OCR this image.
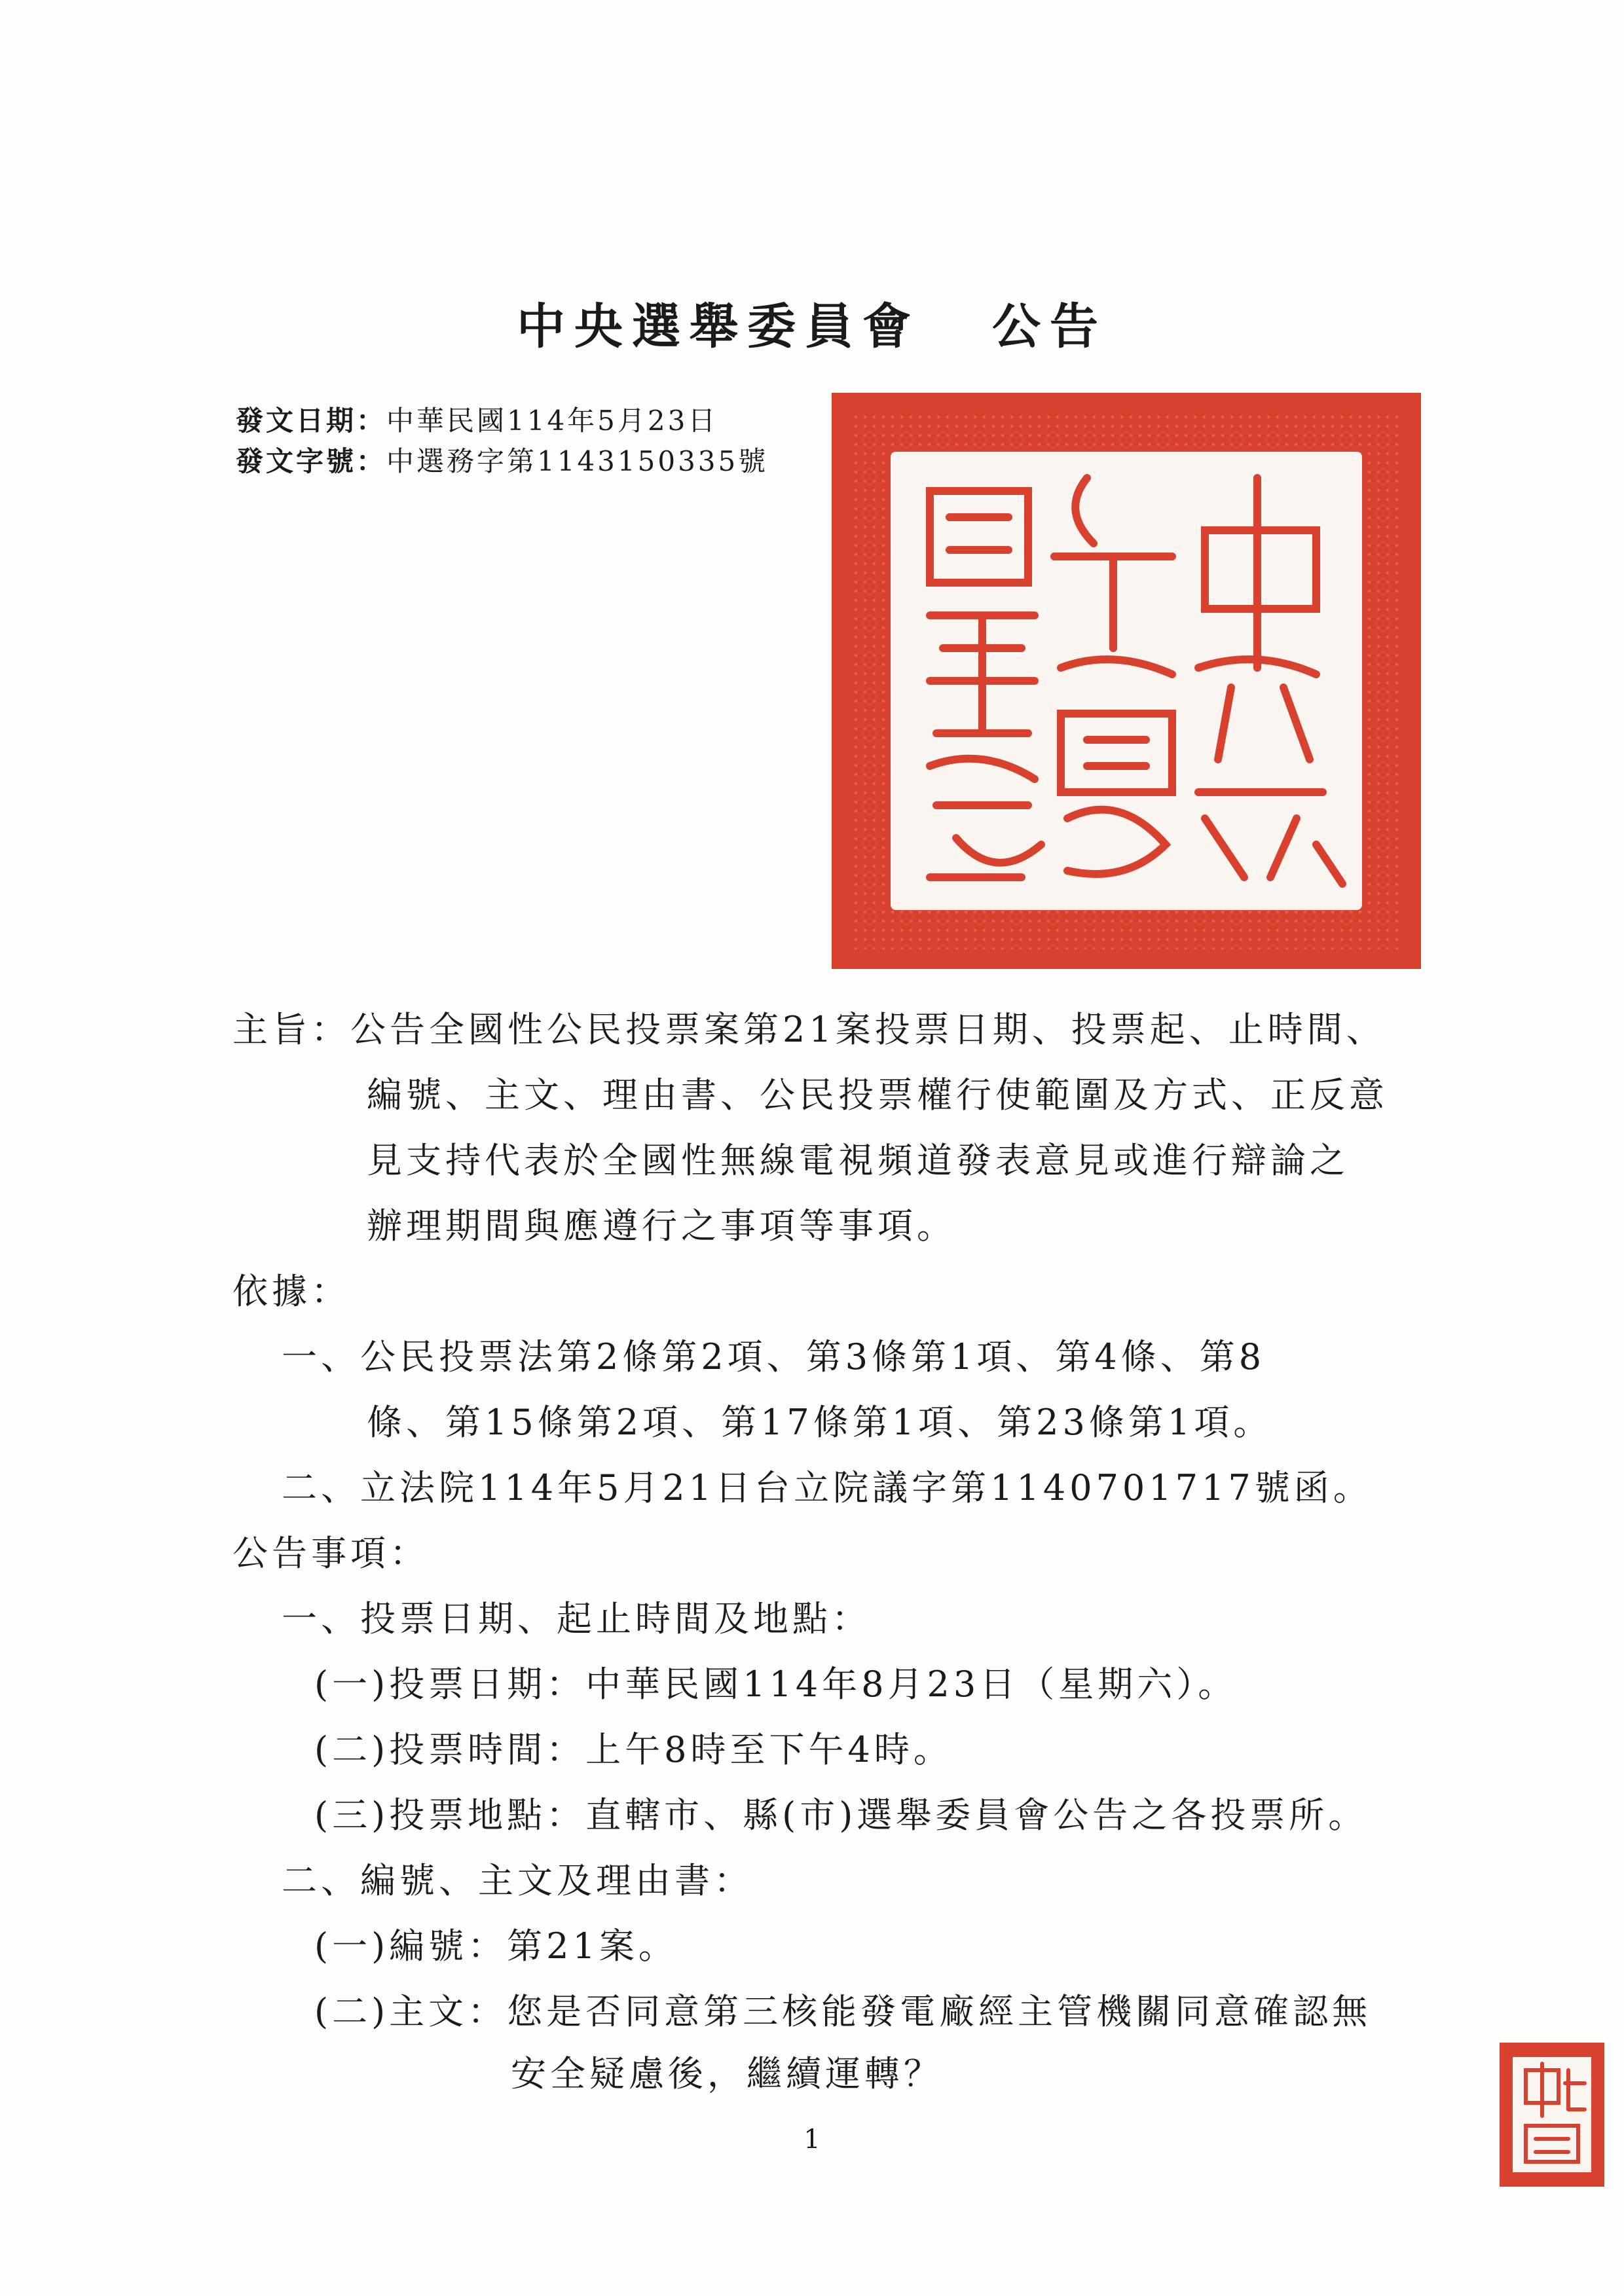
中央選舉委員會 公告
發文日期：中華民國114年5月23日
發文字號：中選務字第1143150335號
主旨：公告全國性公民投票案第21案投票日期、投票起、止時間、
編號、主文、理由書、公民投票權行使範圍及方式、正反意
見支持代表於全國性無線電視頻道發表意見或進行辯論之
辦理期間與應遵行之事項等事項。
依據：
一、公民投票法第2條第2項、第3條第1項、第4條、第8
條、第15條第2項、第17條第1項、第23條第1項。
二、立法院114年5月21日台立院議字第1140701717號函。
公告事項：
一、投票日期、起止時間及地點：
(一)投票日期：中華民國114年8月23日（星期六）。
(二)投票時間：上午8時至下午4時。
(三)投票地點：直轄市、縣(市)選舉委員會公告之各投票所。
二、編號、主文及理由書：
(一)編號：第21案。
(二)主文：您是否同意第三核能發電廠經主管機關同意確認無
安全疑慮後，繼續運轉？
1
